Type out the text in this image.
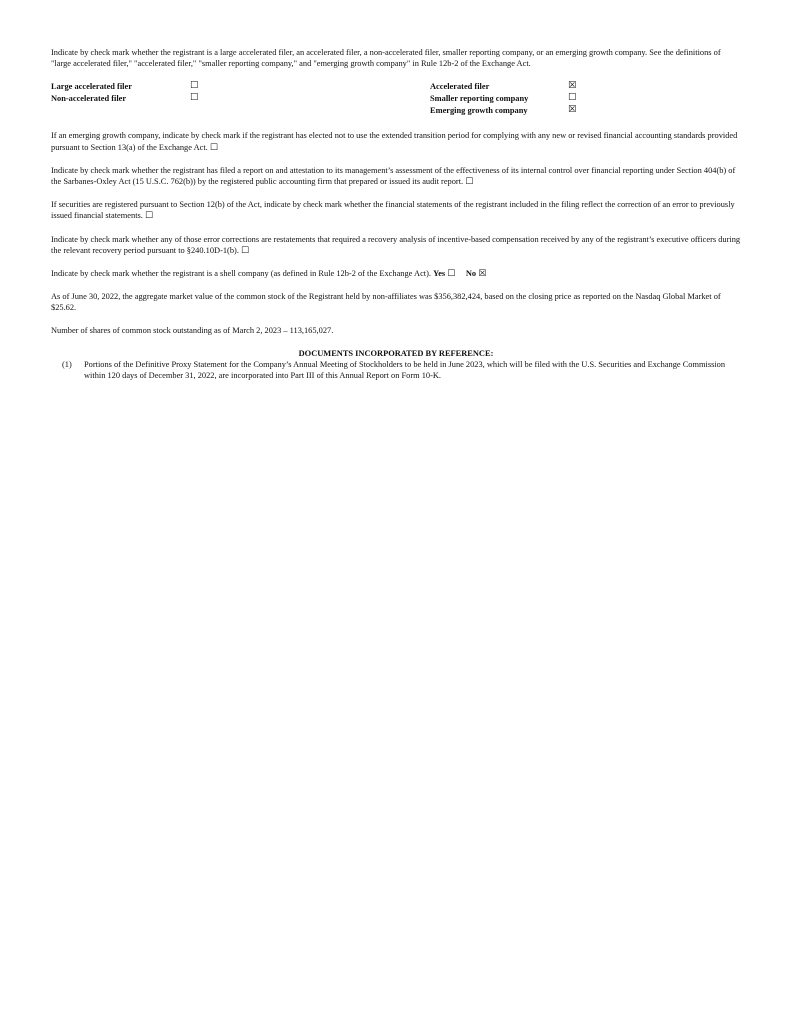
Indicate by check mark whether the registrant is a large accelerated filer, an accelerated filer, a non-accelerated filer, smaller reporting company, or an emerging growth company. See the definitions of "large accelerated filer," "accelerated filer," "smaller reporting company," and "emerging growth company" in Rule 12b-2 of the Exchange Act.

Large accelerated filer	☐
Non-accelerated filer	☐
Accelerated filer	☒
Smaller reporting company	☐
Emerging growth company	☒

If an emerging growth company, indicate by check mark if the registrant has elected not to use the extended transition period for complying with any new or revised financial accounting standards provided pursuant to Section 13(a) of the Exchange Act. ☐

Indicate by check mark whether the registrant has filed a report on and attestation to its management’s assessment of the effectiveness of its internal control over financial reporting under Section 404(b) of the Sarbanes-Oxley Act (15 U.S.C. 762(b)) by the registered public accounting firm that prepared or issued its audit report. ☐

If securities are registered pursuant to Section 12(b) of the Act, indicate by check mark whether the financial statements of the registrant included in the filing reflect the correction of an error to previously issued financial statements. ☐

Indicate by check mark whether any of those error corrections are restatements that required a recovery analysis of incentive-based compensation received by any of the registrant’s executive officers during the relevant recovery period pursuant to §240.10D-1(b). ☐

Indicate by check mark whether the registrant is a shell company (as defined in Rule 12b-2 of the Exchange Act). Yes ☐ No ☒

As of June 30, 2022, the aggregate market value of the common stock of the Registrant held by non-affiliates was $356,382,424, based on the closing price as reported on the Nasdaq Global Market of $25.62.

Number of shares of common stock outstanding as of March 2, 2023 – 113,165,027.

DOCUMENTS INCORPORATED BY REFERENCE:

(1) Portions of the Definitive Proxy Statement for the Company’s Annual Meeting of Stockholders to be held in June 2023, which will be filed with the U.S. Securities and Exchange Commission within 120 days of December 31, 2022, are incorporated into Part III of this Annual Report on Form 10-K.
